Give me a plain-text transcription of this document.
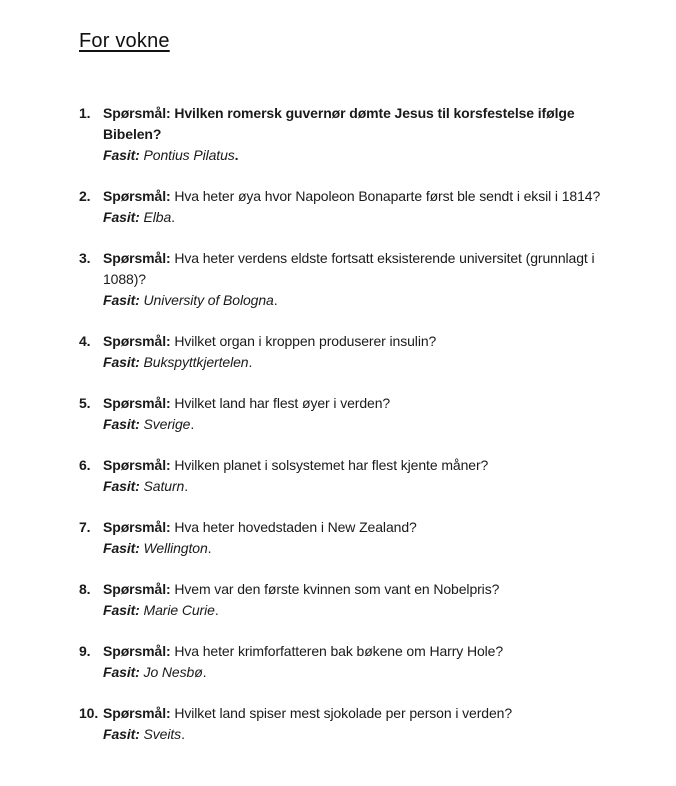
For vokne
1. Spørsmål: Hvilken romersk guvernør dømte Jesus til korsfestelse ifølge Bibelen?

Fasit: Pontius Pilatus.

2. Spørsmål: Hva heter øya hvor Napoleon Bonaparte først ble sendt i eksil i 1814?

Fasit: Elba.

3. Spørsmål: Hva heter verdens eldste fortsatt eksisterende universitet (grunnlagt i 1088)?

Fasit: University of Bologna.

4. Spørsmål: Hvilket organ i kroppen produserer insulin?

Fasit: Bukspyttkjertelen.

5. Spørsmål: Hvilket land har flest øyer i verden?

Fasit: Sverige.

6. Spørsmål: Hvilken planet i solsystemet har flest kjente måner?

Fasit: Saturn.

7. Spørsmål: Hva heter hovedstaden i New Zealand?

Fasit: Wellington.

8. Spørsmål: Hvem var den første kvinnen som vant en Nobelpris?

Fasit: Marie Curie.

9. Spørsmål: Hva heter krimforfatteren bak bøkene om Harry Hole?

Fasit: Jo Nesbø.

10. Spørsmål: Hvilket land spiser mest sjokolade per person i verden?

Fasit: Sveits.
